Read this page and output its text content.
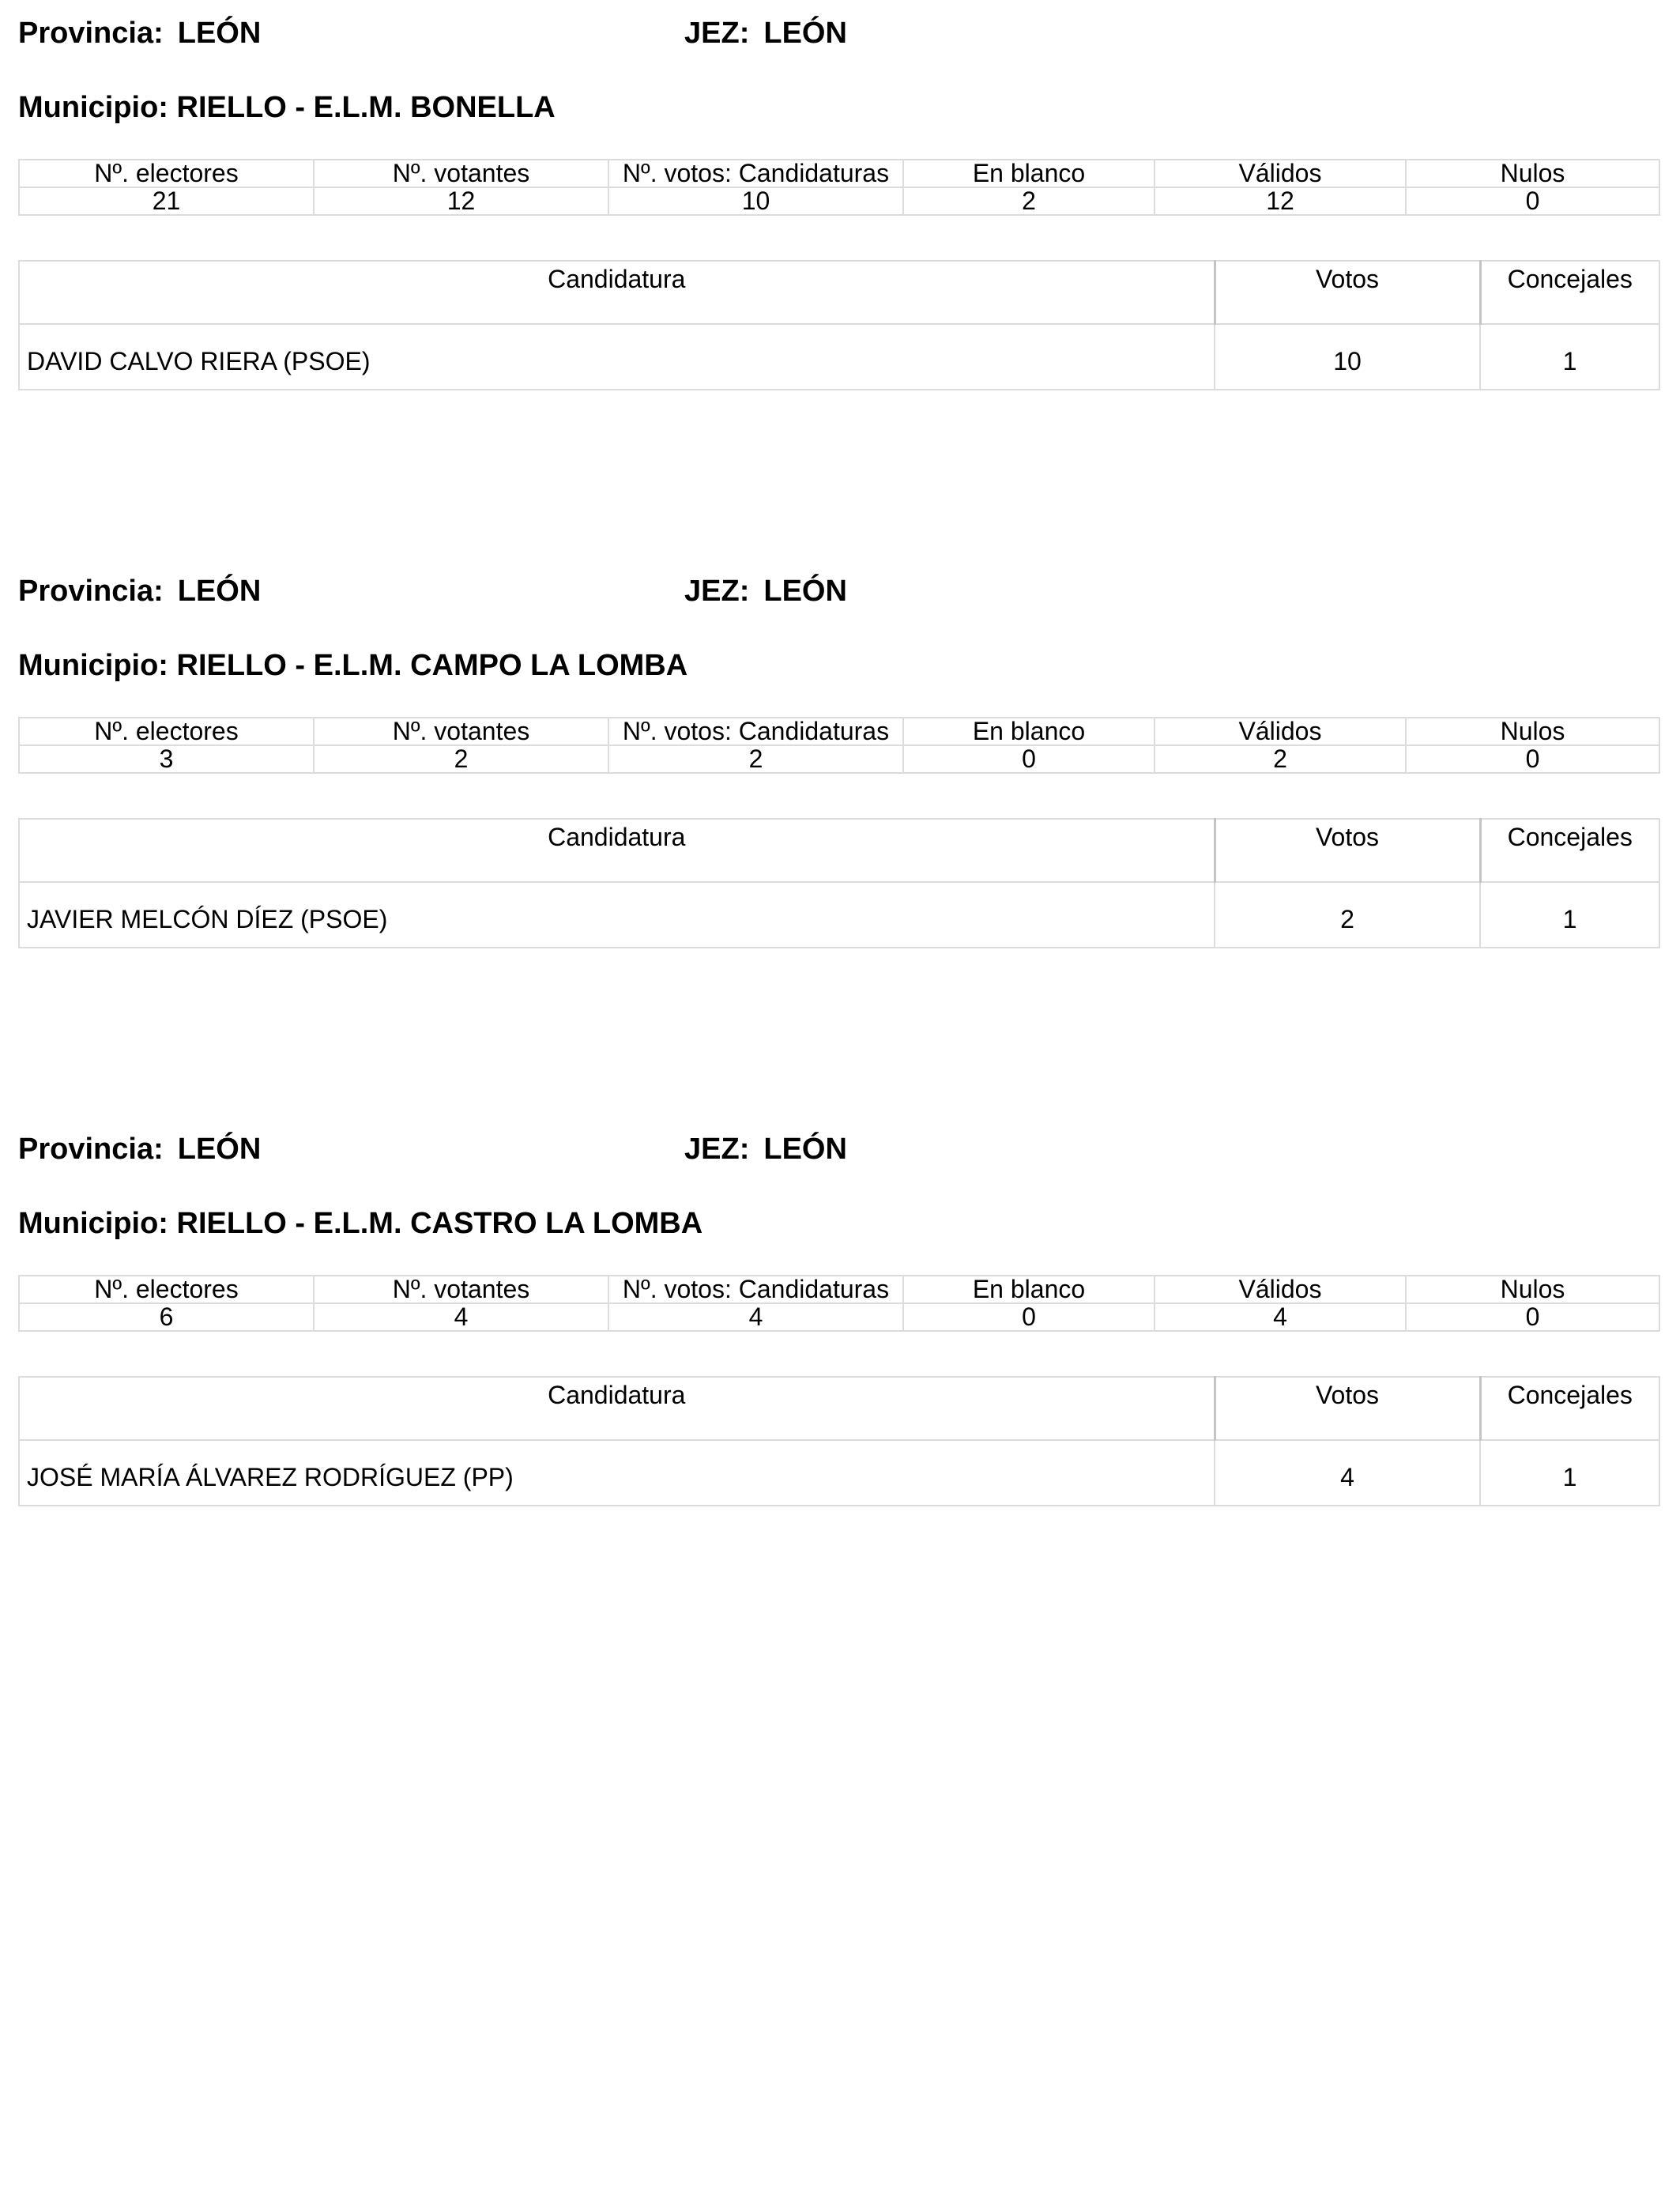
Provincia: LEÓN	JEZ: LEÓN
Municipio: RIELLO - E.L.M. BONELLA
Nº. electores	Nº. votantes	Nº. votos: Candidaturas	En blanco	Válidos	Nulos
21	12	10	2	12	0
Candidatura	Votos	Concejales
DAVID CALVO RIERA (PSOE)	10	1
Provincia: LEÓN	JEZ: LEÓN
Municipio: RIELLO - E.L.M. CAMPO LA LOMBA
Nº. electores	Nº. votantes	Nº. votos: Candidaturas	En blanco	Válidos	Nulos
3	2	2	0	2	0
Candidatura	Votos	Concejales
JAVIER MELCÓN DÍEZ (PSOE)	2	1
Provincia: LEÓN	JEZ: LEÓN
Municipio: RIELLO - E.L.M. CASTRO LA LOMBA
Nº. electores	Nº. votantes	Nº. votos: Candidaturas	En blanco	Válidos	Nulos
6	4	4	0	4	0
Candidatura	Votos	Concejales
JOSÉ MARÍA ÁLVAREZ RODRÍGUEZ (PP)	4	1
